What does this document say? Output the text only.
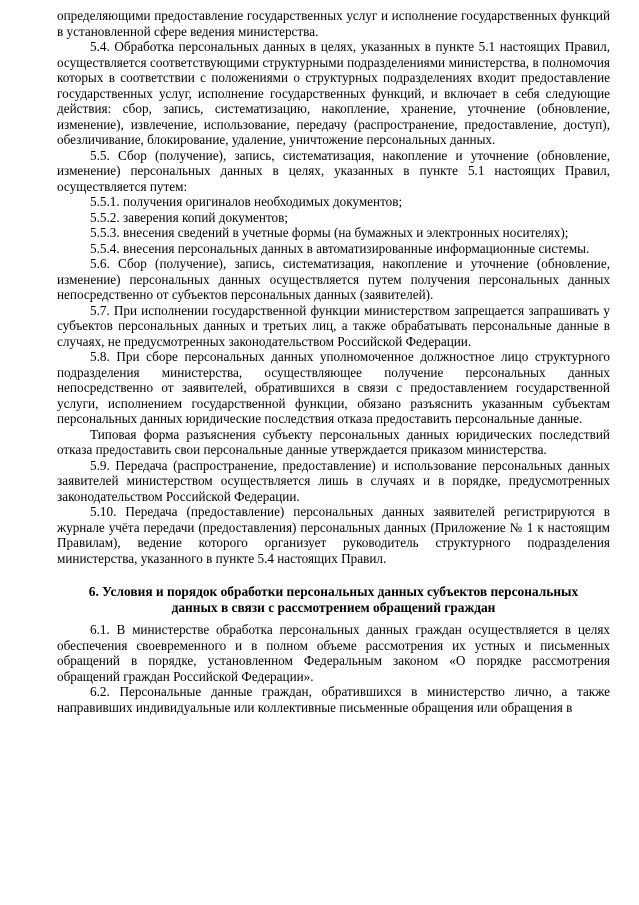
определяющими предоставление государственных услуг и исполнение государственных функций в установленной сфере ведения министерства.

5.4. Обработка персональных данных в целях, указанных в пункте 5.1 настоящих Правил, осуществляется соответствующими структурными подразделениями министерства, в полномочия которых в соответствии с положениями о структурных подразделениях входит предоставление государственных услуг, исполнение государственных функций, и включает в себя следующие действия: сбор, запись, систематизацию, накопление, хранение, уточнение (обновление, изменение), извлечение, использование, передачу (распространение, предоставление, доступ), обезличивание, блокирование, удаление, уничтожение персональных данных.

5.5. Сбор (получение), запись, систематизация, накопление и уточнение (обновление, изменение) персональных данных в целях, указанных в пункте 5.1 настоящих Правил, осуществляется путем:

5.5.1. получения оригиналов необходимых документов;

5.5.2. заверения копий документов;

5.5.3. внесения сведений в учетные формы (на бумажных и электронных носителях);

5.5.4. внесения персональных данных в автоматизированные информационные системы.

5.6. Сбор (получение), запись, систематизация, накопление и уточнение (обновление, изменение) персональных данных осуществляется путем получения персональных данных непосредственно от субъектов персональных данных (заявителей).

5.7. При исполнении государственной функции министерством запрещается запрашивать у субъектов персональных данных и третьих лиц, а также обрабатывать персональные данные в случаях, не предусмотренных законодательством Российской Федерации.

5.8. При сборе персональных данных уполномоченное должностное лицо структурного подразделения министерства, осуществляющее получение персональных данных непосредственно от заявителей, обратившихся в связи с предоставлением государственной услуги, исполнением государственной функции, обязано разъяснить указанным субъектам персональных данных юридические последствия отказа предоставить персональные данные.

Типовая форма разъяснения субъекту персональных данных юридических последствий отказа предоставить свои персональные данные утверждается приказом министерства.

5.9. Передача (распространение, предоставление) и использование персональных данных заявителей министерством осуществляется лишь в случаях и в порядке, предусмотренных законодательством Российской Федерации.

5.10. Передача (предоставление) персональных данных заявителей регистрируются в журнале учёта передачи (предоставления) персональных данных (Приложение № 1 к настоящим Правилам), ведение которого организует руководитель структурного подразделения министерства, указанного в пункте 5.4 настоящих Правил.

6. Условия и порядок обработки персональных данных субъектов персональных
данных в связи с рассмотрением обращений граждан

6.1. В министерстве обработка персональных данных граждан осуществляется в целях обеспечения своевременного и в полном объеме рассмотрения их устных и письменных обращений в порядке, установленном Федеральным законом «О порядке рассмотрения обращений граждан Российской Федерации».

6.2. Персональные данные граждан, обратившихся в министерство лично, а также направивших индивидуальные или коллективные письменные обращения или обращения в
